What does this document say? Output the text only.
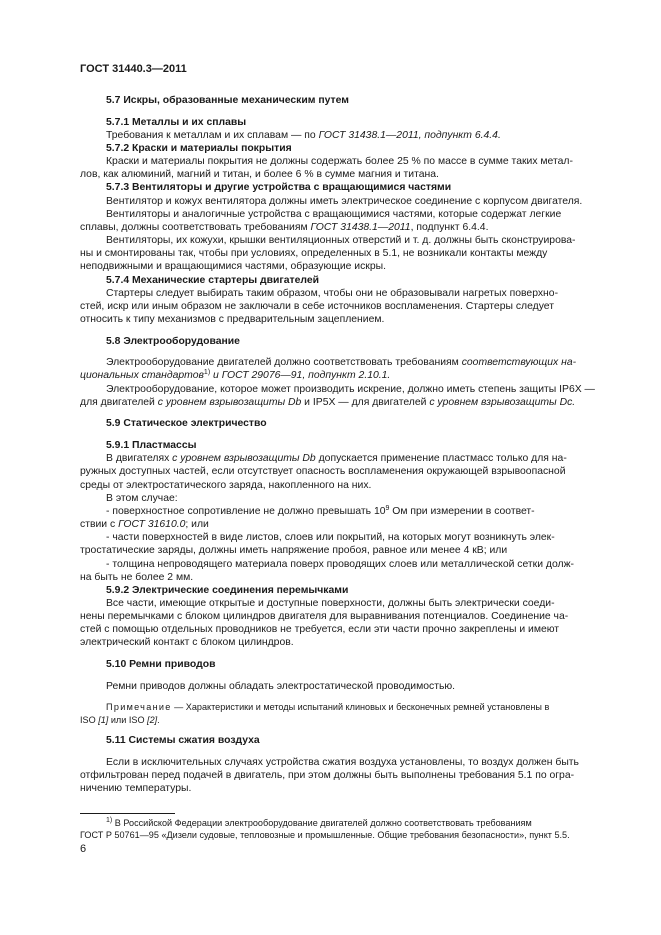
ГОСТ 31440.3—2011

5.7 Искры, образованные механическим путем

5.7.1 Металлы и их сплавы

Требования к металлам и их сплавам — по ГОСТ 31438.1—2011, подпункт 6.4.4.

5.7.2 Краски и материалы покрытия

Краски и материалы покрытия не должны содержать более 25 % по массе в сумме таких метал-

лов, как алюминий, магний и титан, и более 6 % в сумме магния и титана.

5.7.3 Вентиляторы и другие устройства с вращающимися частями

Вентилятор и кожух вентилятора должны иметь электрическое соединение с корпусом двигателя.

Вентиляторы и аналогичные устройства с вращающимися частями, которые содержат легкие

сплавы, должны соответствовать требованиям ГОСТ 31438.1—2011, подпункт 6.4.4.

Вентиляторы, их кожухи, крышки вентиляционных отверстий и т. д. должны быть сконструирова-

ны и смонтированы так, чтобы при условиях, определенных в 5.1, не возникали контакты между

неподвижными и вращающимися частями, образующие искры.

5.7.4 Механические стартеры двигателей

Стартеры следует выбирать таким образом, чтобы они не образовывали нагретых поверхно-

стей, искр или иным образом не заключали в себе источников воспламенения. Стартеры следует

относить к типу механизмов с предварительным зацеплением.

5.8 Электрооборудование

Электрооборудование двигателей должно соответствовать требованиям соответствующих на-

циональных стандартов$^{1)}$ и ГОСТ 29076—91, подпункт 2.10.1.

Электрооборудование, которое может производить искрение, должно иметь степень защиты IP6X —

для двигателей с уровнем взрывозащиты Db и IP5X — для двигателей с уровнем взрывозащиты Dc.

5.9 Статическое электричество

5.9.1 Пластмассы

В двигателях с уровнем взрывозащиты Db допускается применение пластмасс только для на-

ружных доступных частей, если отсутствует опасность воспламенения окружающей взрывоопасной

среды от электростатического заряда, накопленного на них.

В этом случае:

- поверхностное сопротивление не должно превышать $10^9$ Ом при измерении в соответ-

ствии с ГОСТ 31610.0; или

- части поверхностей в виде листов, слоев или покрытий, на которых могут возникнуть элек-

тростатические заряды, должны иметь напряжение пробоя, равное или менее 4 кВ; или

- толщина непроводящего материала поверх проводящих слоев или металлической сетки долж-

на быть не более 2 мм.

5.9.2 Электрические соединения перемычками

Все части, имеющие открытые и доступные поверхности, должны быть электрически соеди-

нены перемычками с блоком цилиндров двигателя для выравнивания потенциалов. Соединение ча-

стей с помощью отдельных проводников не требуется, если эти части прочно закреплены и имеют

электрический контакт с блоком цилиндров.

5.10 Ремни приводов

Ремни приводов должны обладать электростатической проводимостью.

Примечание — Характеристики и методы испытаний клиновых и бесконечных ремней установлены в

ISO [1] или ISO [2].

5.11 Системы сжатия воздуха

Если в исключительных случаях устройства сжатия воздуха установлены, то воздух должен быть

отфильтрован перед подачей в двигатель, при этом должны быть выполнены требования 5.1 по огра-

ничению температуры.

$^{1)}$ В Российской Федерации электрооборудование двигателей должно соответствовать требованиям

ГОСТ Р 50761—95 «Дизели судовые, тепловозные и промышленные. Общие требования безопасности», пункт 5.5.

6
